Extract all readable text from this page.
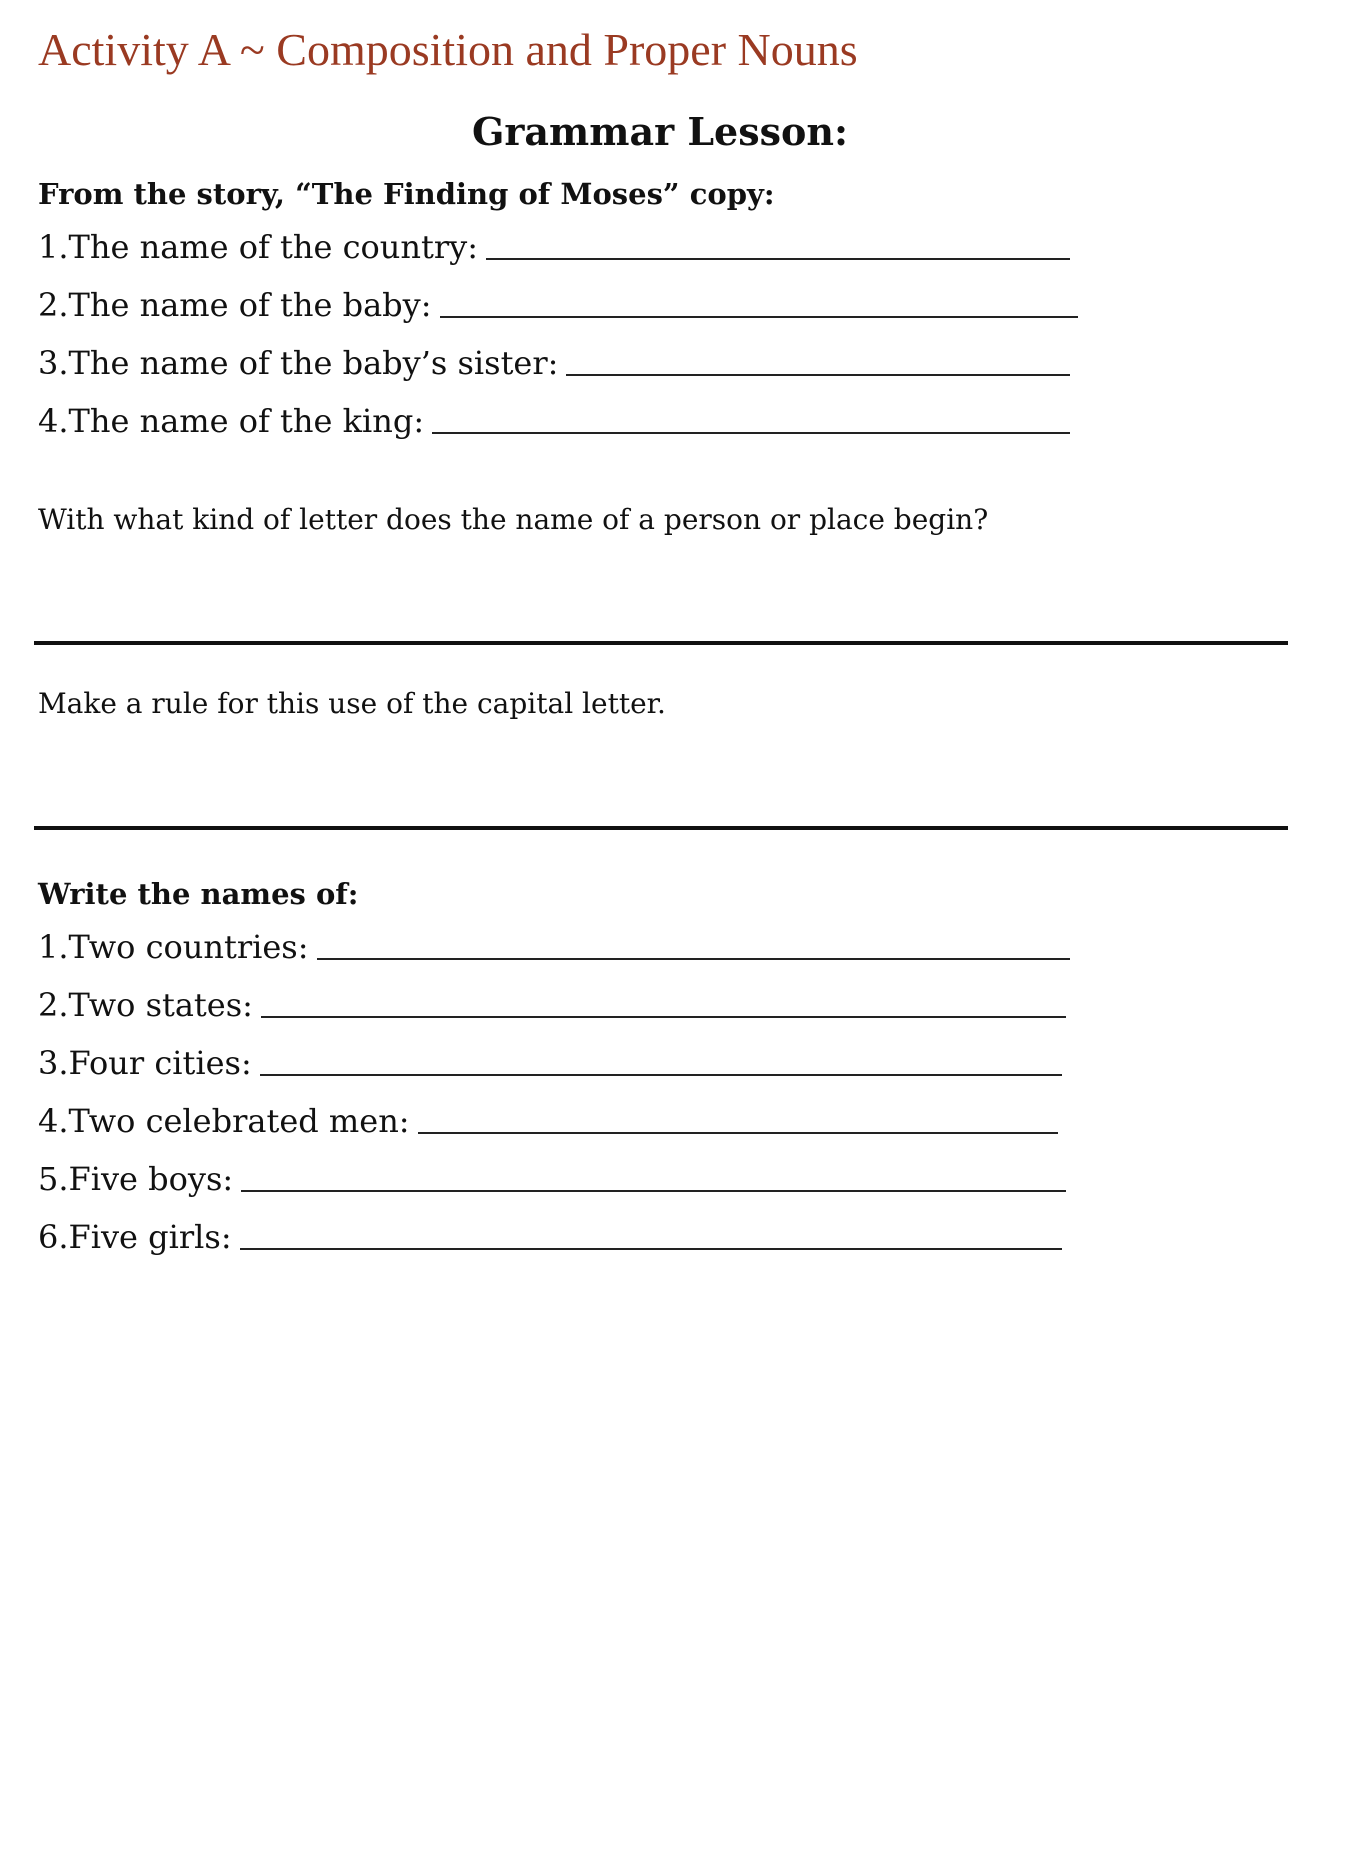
Activity A ~ Composition and Proper Nouns
Grammar Lesson:
From the story, “The Finding of Moses” copy:
1.The name of the country:
2.The name of the baby:
3.The name of the baby’s sister:
4.The name of the king:
With what kind of letter does the name of a person or place begin?
Make a rule for this use of the capital letter.
Write the names of:
1.Two countries:
2.Two states:
3.Four cities:
4.Two celebrated men:
5.Five boys:
6.Five girls:
